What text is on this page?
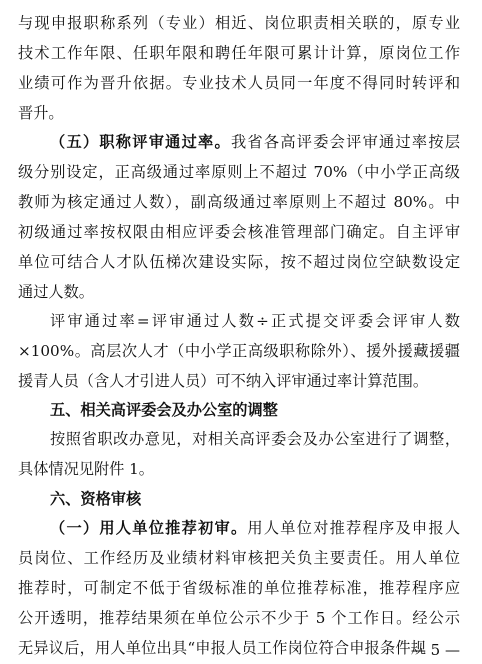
与现申报职称系列（专业）相近、岗位职责相关联的，原专业
技术工作年限、任职年限和聘任年限可累计计算，原岗位工作
业绩可作为晋升依据。专业技术人员同一年度不得同时转评和
晋升。
（五）职称评审通过率。我省各高评委会评审通过率按层
级分别设定，正高级通过率原则上不超过 70%（中小学正高级
教师为核定通过人数），副高级通过率原则上不超过 80%。中
初级通过率按权限由相应评委会核准管理部门确定。自主评审
单位可结合人才队伍梯次建设实际，按不超过岗位空缺数设定
通过人数。
评审通过率=评审通过人数÷正式提交评委会评审人数
×100%。高层次人才（中小学正高级职称除外）、援外援藏援疆
援青人员（含人才引进人员）可不纳入评审通过率计算范围。
五、相关高评委会及办公室的调整
按照省职改办意见，对相关高评委会及办公室进行了调整，
具体情况见附件 1。
六、资格审核
（一）用人单位推荐初审。用人单位对推荐程序及申报人
员岗位、工作经历及业绩材料审核把关负主要责任。用人单位
推荐时，可制定不低于省级标准的单位推荐标准，推荐程序应
公开透明，推荐结果须在单位公示不少于 5 个工作日。经公示
无异议后，用人单位出具“申报人员工作岗位符合申报条件规
— 5 —
